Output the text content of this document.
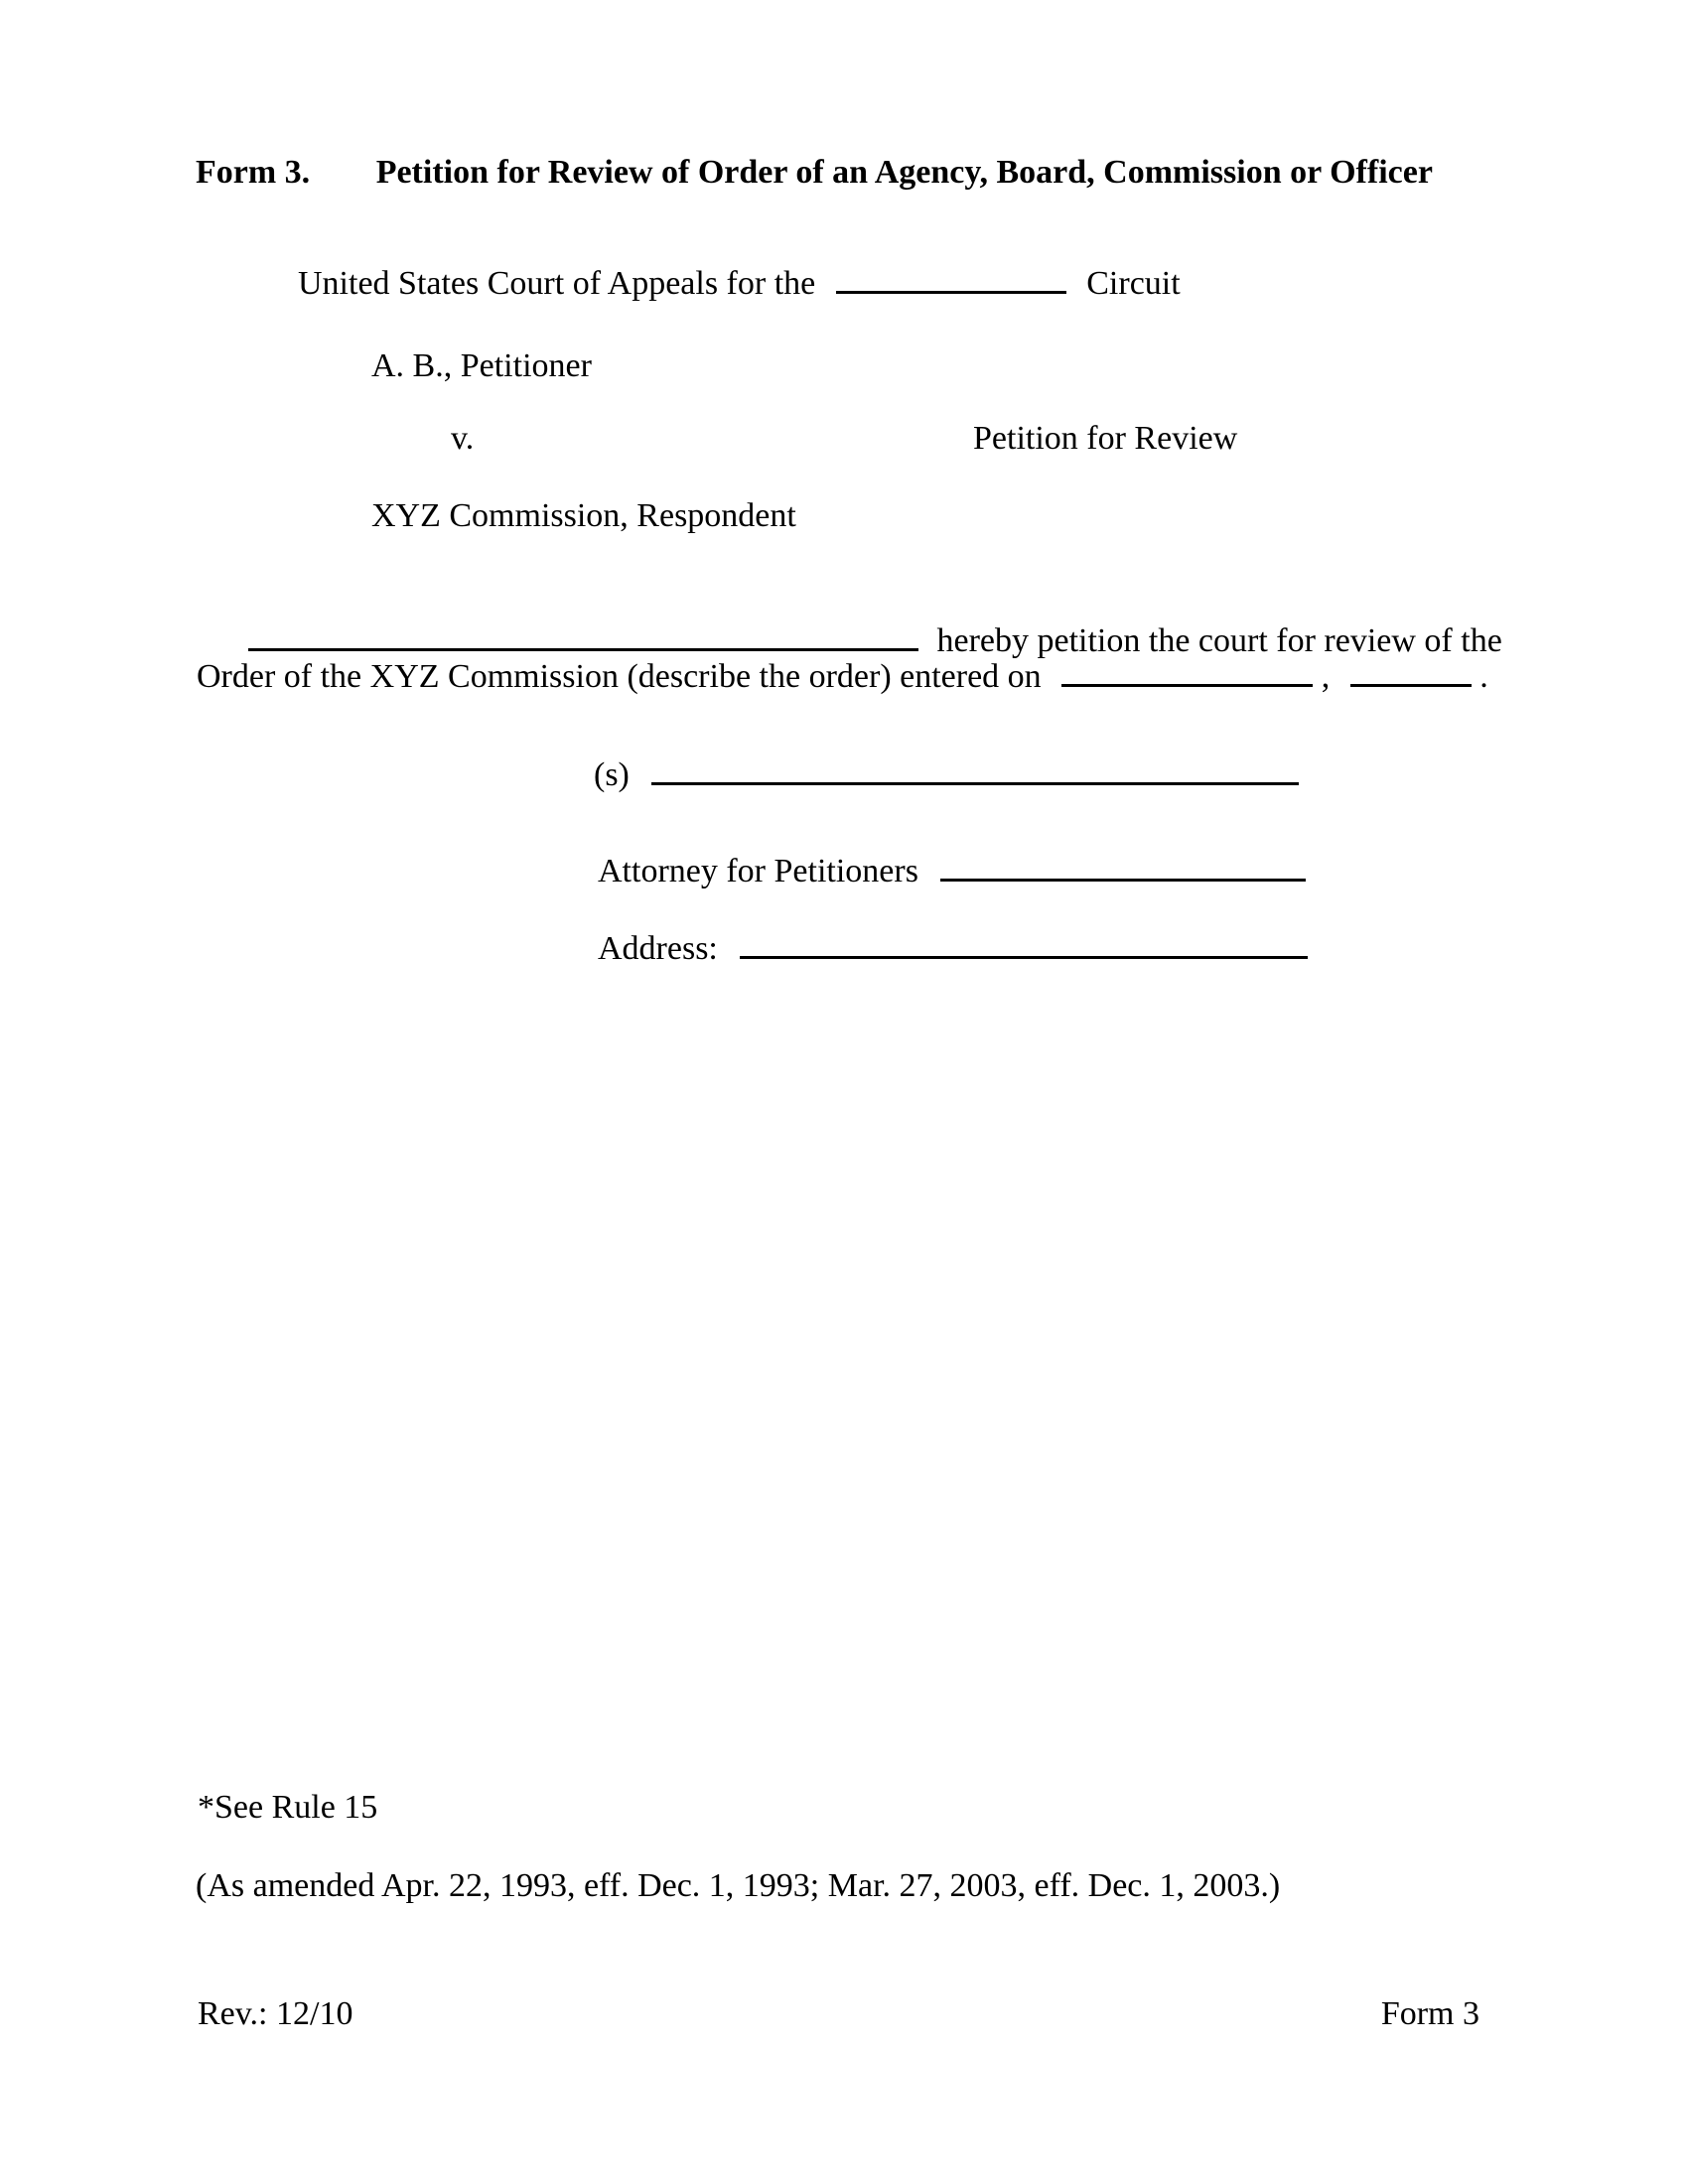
Form 3. Petition for Review of Order of an Agency, Board, Commission or Officer
United States Court of Appeals for the	Circuit
A. B., Petitioner
v.	Petition for Review
XYZ Commission, Respondent
hereby petition the court for review of the
Order of the XYZ Commission (describe the order) entered on	,	.
(s)
Attorney for Petitioners
Address:
*See Rule 15
(As amended Apr. 22, 1993, eff. Dec. 1, 1993; Mar. 27, 2003, eff. Dec. 1, 2003.)
Rev.: 12/10	Form 3
